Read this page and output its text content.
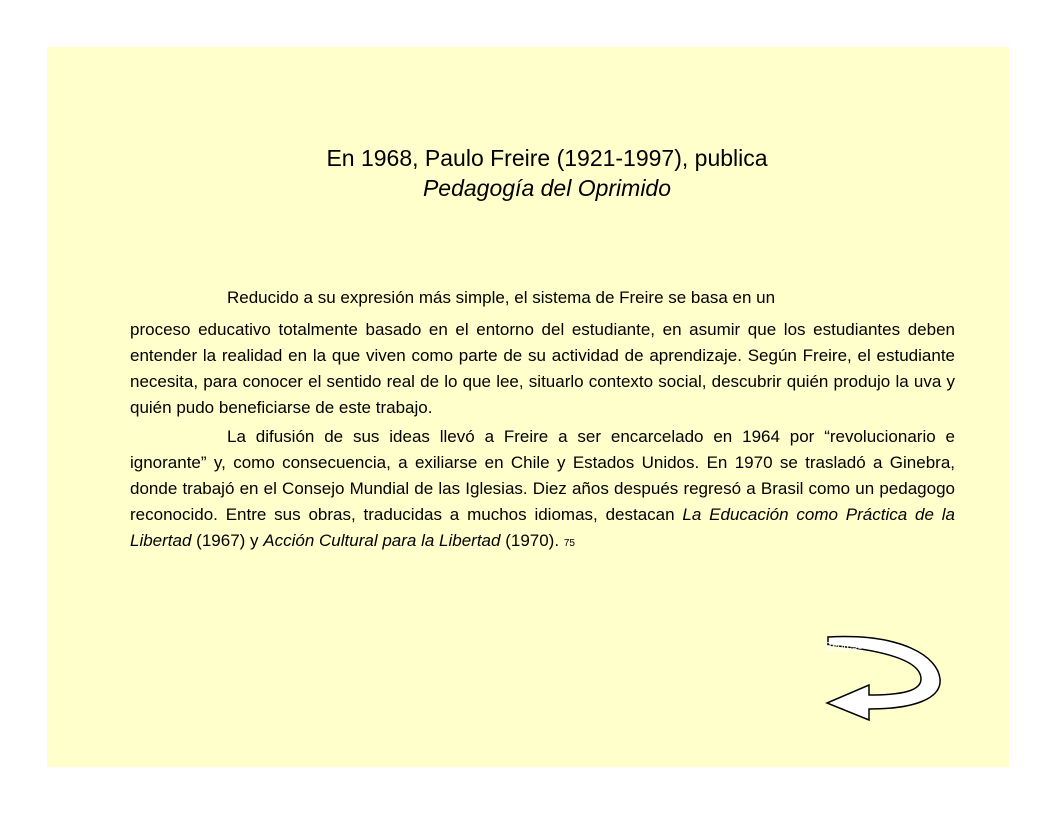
En 1968, Paulo Freire (1921-1997), publica
Pedagogía del Oprimido
Reducido a su expresión más simple, el sistema de Freire se basa en un
proceso educativo totalmente basado en el entorno del estudiante, en asumir que los estudiantes deben entender la realidad en la que viven como parte de su actividad de aprendizaje. Según Freire, el estudiante necesita, para conocer el sentido real de lo que lee, situarlo contexto social, descubrir quién produjo la uva y quién pudo beneficiarse de este trabajo.
La difusión de sus ideas llevó a Freire a ser encarcelado en 1964 por “revolucionario e ignorante” y, como consecuencia, a exiliarse en Chile y Estados Unidos. En 1970 se trasladó a Ginebra, donde trabajó en el Consejo Mundial de las Iglesias. Diez años después regresó a Brasil como un pedagogo reconocido. Entre sus obras, traducidas a muchos idiomas, destacan La Educación como Práctica de la Libertad (1967) y Acción Cultural para la Libertad (1970). 75
Regreso
